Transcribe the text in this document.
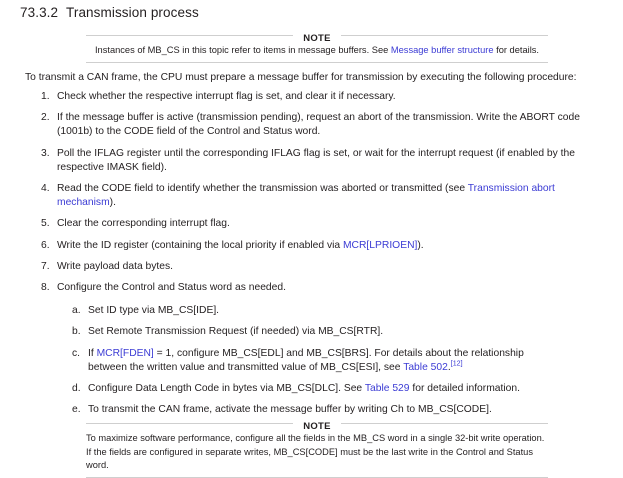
73.3.2 Transmission process
NOTE
Instances of MB_CS in this topic refer to items in message buffers. See Message buffer structure for details.
To transmit a CAN frame, the CPU must prepare a message buffer for transmission by executing the following procedure:
1. Check whether the respective interrupt flag is set, and clear it if necessary.
2. If the message buffer is active (transmission pending), request an abort of the transmission. Write the ABORT code (1001b) to the CODE field of the Control and Status word.
3. Poll the IFLAG register until the corresponding IFLAG flag is set, or wait for the interrupt request (if enabled by the respective IMASK field).
4. Read the CODE field to identify whether the transmission was aborted or transmitted (see Transmission abort mechanism).
5. Clear the corresponding interrupt flag.
6. Write the ID register (containing the local priority if enabled via MCR[LPRIOEN]).
7. Write payload data bytes.
8. Configure the Control and Status word as needed.
a. Set ID type via MB_CS[IDE].
b. Set Remote Transmission Request (if needed) via MB_CS[RTR].
c. If MCR[FDEN] = 1, configure MB_CS[EDL] and MB_CS[BRS]. For details about the relationship between the written value and transmitted value of MB_CS[ESI], see Table 502.[12]
d. Configure Data Length Code in bytes via MB_CS[DLC]. See Table 529 for detailed information.
e. To transmit the CAN frame, activate the message buffer by writing Ch to MB_CS[CODE].
NOTE
To maximize software performance, configure all the fields in the MB_CS word in a single 32-bit write operation. If the fields are configured in separate writes, MB_CS[CODE] must be the last write in the Control and Status word.
